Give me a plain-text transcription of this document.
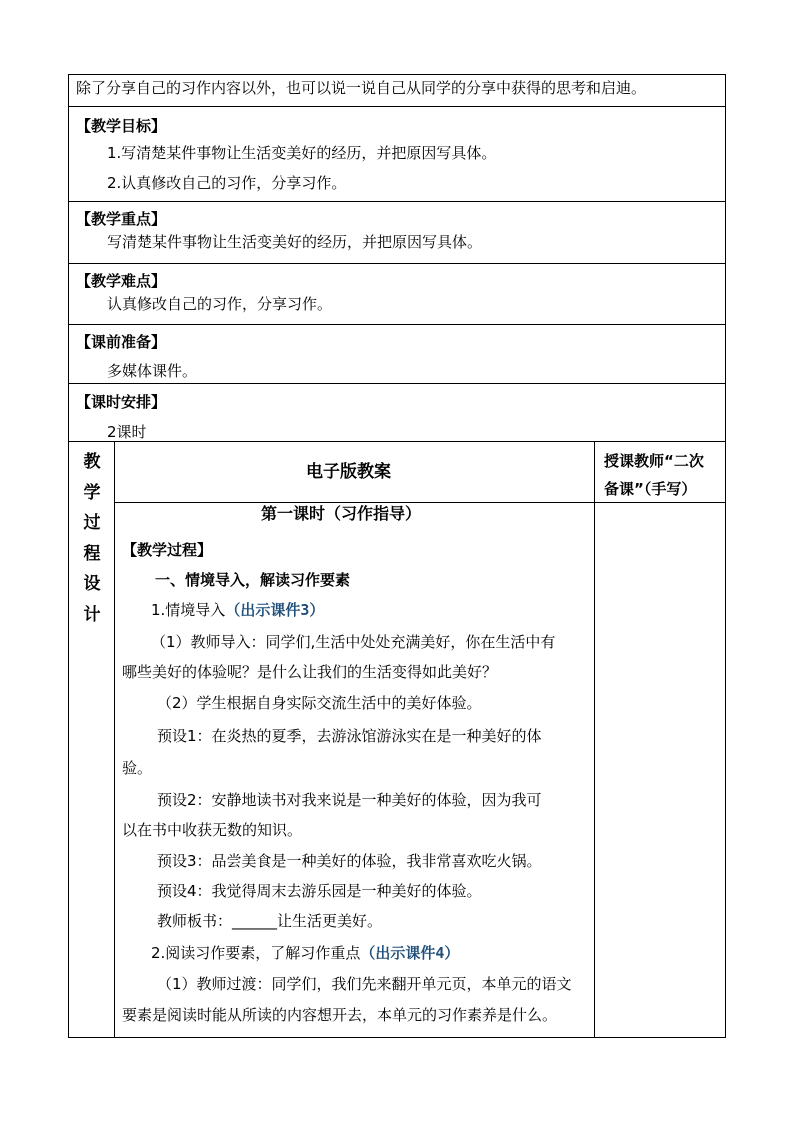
除了分享自己的习作内容以外，也可以说一说自己从同学的分享中获得的思考和启迪。
【教学目标】
1.写清楚某件事物让生活变美好的经历，并把原因写具体。
2.认真修改自己的习作，分享习作。
【教学重点】
写清楚某件事物让生活变美好的经历，并把原因写具体。
【教学难点】
认真修改自己的习作，分享习作。
【课前准备】
多媒体课件。
【课时安排】
2课时
教
学
过
程
设
计
电子版教案
授课教师“二次
备课”（手写）
第一课时（习作指导）
【教学过程】
一、情境导入，解读习作要素
1.情境导入（出示课件3）
（1）教师导入：同学们,生活中处处充满美好，你在生活中有
哪些美好的体验呢？是什么让我们的生活变得如此美好？
（2）学生根据自身实际交流生活中的美好体验。
预设1：在炎热的夏季，去游泳馆游泳实在是一种美好的体
验。
预设2：安静地读书对我来说是一种美好的体验，因为我可
以在书中收获无数的知识。
预设3：品尝美食是一种美好的体验，我非常喜欢吃火锅。
预设4：我觉得周末去游乐园是一种美好的体验。
教师板书：______让生活更美好。
2.阅读习作要素，了解习作重点（出示课件4）
（1）教师过渡：同学们，我们先来翻开单元页，本单元的语文
要素是阅读时能从所读的内容想开去，本单元的习作素养是什么。
